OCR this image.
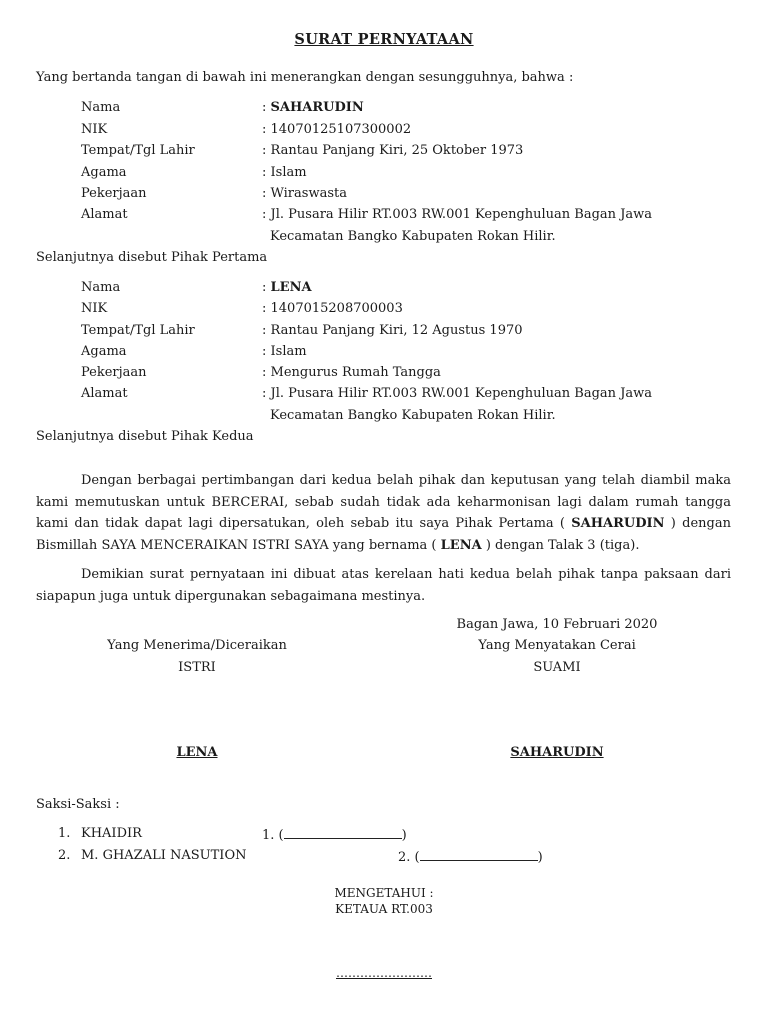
SURAT PERNYATAAN
Yang bertanda tangan di bawah ini menerangkan dengan sesungguhnya, bahwa :
Nama	: SAHARUDIN
NIK	: 14070125107300002
Tempat/Tgl Lahir	: Rantau Panjang Kiri, 25 Oktober 1973
Agama	: Islam
Pekerjaan	: Wiraswasta
Alamat	: Jl. Pusara Hilir RT.003 RW.001 Kepenghuluan Bagan Jawa
Kecamatan Bangko Kabupaten Rokan Hilir.
Selanjutnya disebut Pihak Pertama
Nama	: LENA
NIK	: 1407015208700003
Tempat/Tgl Lahir	: Rantau Panjang Kiri, 12 Agustus 1970
Agama	: Islam
Pekerjaan	: Mengurus Rumah Tangga
Alamat	: Jl. Pusara Hilir RT.003 RW.001 Kepenghuluan Bagan Jawa
Kecamatan Bangko Kabupaten Rokan Hilir.
Selanjutnya disebut Pihak Kedua
Dengan berbagai pertimbangan dari kedua belah pihak dan keputusan yang telah diambil maka kami memutuskan untuk BERCERAI, sebab sudah tidak ada keharmonisan lagi dalam rumah tangga kami dan tidak dapat lagi dipersatukan, oleh sebab itu saya Pihak Pertama ( SAHARUDIN ) dengan Bismillah SAYA MENCERAIKAN ISTRI SAYA yang bernama ( LENA ) dengan Talak 3 (tiga).
Demikian surat pernyataan ini dibuat atas kerelaan hati kedua belah pihak tanpa paksaan dari siapapun juga untuk dipergunakan sebagaimana mestinya.
Bagan Jawa, 10 Februari 2020
Yang Menerima/Diceraikan
ISTRI
LENA
Yang Menyatakan Cerai
SUAMI
SAHARUDIN
Saksi-Saksi :
1. KHAIDIR	1. (	)
2. M. GHAZALI NASUTION	2. (	)
MENGETAHUI :
KETAUA RT.003
……………………
